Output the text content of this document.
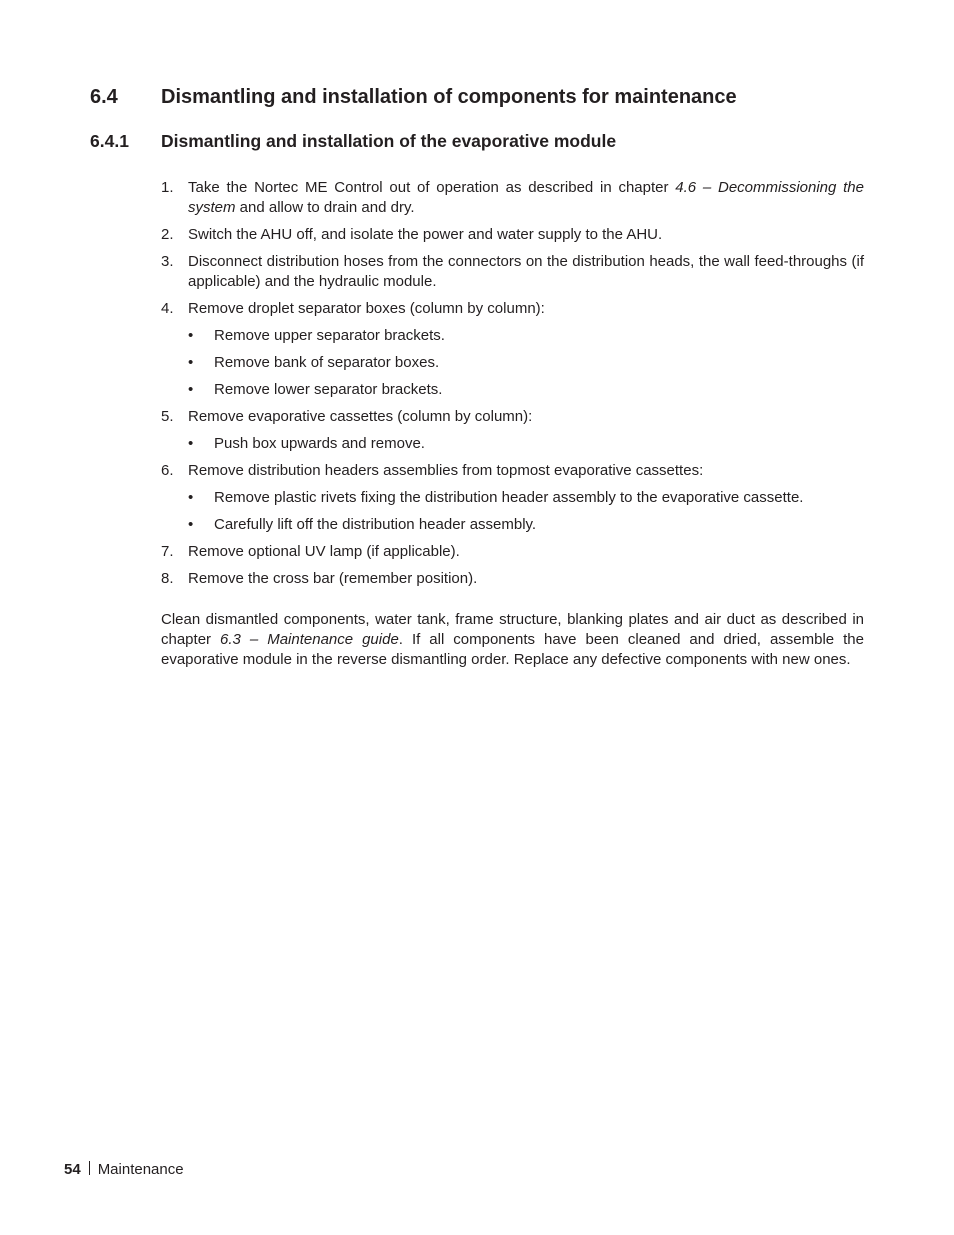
6.4 Dismantling and installation of components for maintenance
6.4.1 Dismantling and installation of the evaporative module
1. Take the Nortec ME Control out of operation as described in chapter 4.6 – Decommissioning the system and allow to drain and dry.
2. Switch the AHU off, and isolate the power and water supply to the AHU.
3. Disconnect distribution hoses from the connectors on the distribution heads, the wall feed-throughs (if applicable) and the hydraulic module.
4. Remove droplet separator boxes (column by column):
• Remove upper separator brackets.
• Remove bank of separator boxes.
• Remove lower separator brackets.
5. Remove evaporative cassettes (column by column):
• Push box upwards and remove.
6. Remove distribution headers assemblies from topmost evaporative cassettes:
• Remove plastic rivets fixing the distribution header assembly to the evaporative cassette.
• Carefully lift off the distribution header assembly.
7. Remove optional UV lamp (if applicable).
8. Remove the cross bar (remember position).
Clean dismantled components, water tank, frame structure, blanking plates and air duct as described in chapter 6.3 – Maintenance guide. If all components have been cleaned and dried, assemble the evaporative module in the reverse dismantling order. Replace any defective components with new ones.
54 Maintenance
